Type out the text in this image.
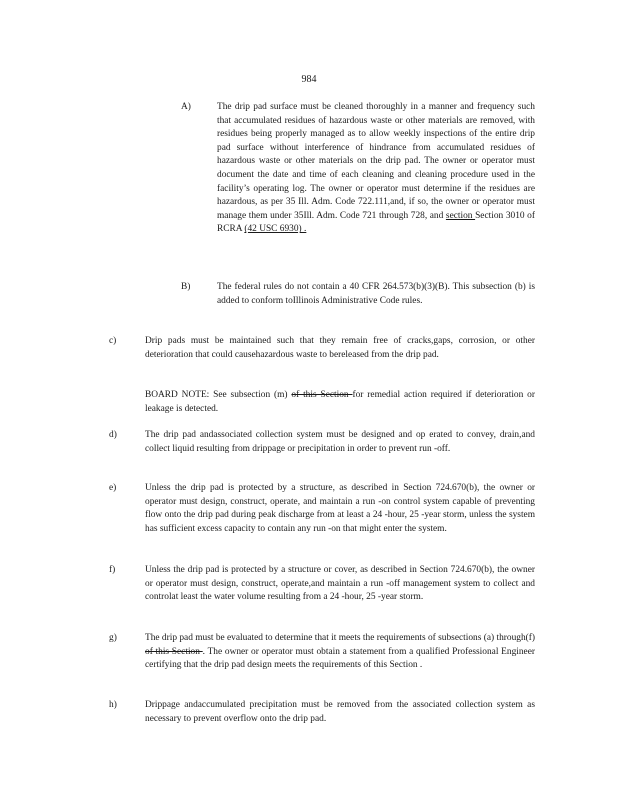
984
A)	The drip pad surface must be cleaned thoroughly in a manner and frequency such that accumulated residues of hazardous waste or other materials are removed, with residues being properly managed as to allow weekly inspections of the entire drip pad surface without interference of hindrance from accumulated residues of hazardous waste or other materials on the drip pad. The owner or operator must document the date and time of each cleaning and cleaning procedure used in the facility’s operating log. The owner or operator must determine if the residues are hazardous, as per 35 Ill. Adm. Code 722.111,and, if so, the owner or operator must manage them under 35Ill. Adm. Code 721 through 728, and section Section 3010 of RCRA (42 USC 6930) .
B)	The federal rules do not contain a 40 CFR 264.573(b)(3)(B). This subsection (b) is added to conform toIllinois Administrative Code rules.
c)	Drip pads must be maintained such that they remain free of cracks,gaps, corrosion, or other deterioration that could causehazardous waste to bereleased from the drip pad.
BOARD NOTE: See subsection (m) of this Section for remedial action required if deterioration or leakage is detected.
d)	The drip pad andassociated collection system must be designed and op erated to convey, drain,and collect liquid resulting from drippage or precipitation in order to prevent run -off.
e)	Unless the drip pad is protected by a structure, as described in Section 724.670(b), the owner or operator must design, construct, operate, and maintain a run -on control system capable of preventing flow onto the drip pad during peak discharge from at least a 24 -hour, 25 -year storm, unless the system has sufficient excess capacity to contain any run -on that might enter the system.
f)	Unless the drip pad is protected by a structure or cover, as described in Section 724.670(b), the owner or operator must design, construct, operate,and maintain a run -off management system to collect and controlat least the water volume resulting from a 24 -hour, 25 -year storm.
g)	The drip pad must be evaluated to determine that it meets the requirements of subsections (a) through(f) of this Section . The owner or operator must obtain a statement from a qualified Professional Engineer certifying that the drip pad design meets the requirements of this Section .
h)	Drippage andaccumulated precipitation must be removed from the associated collection system as necessary to prevent overflow onto the drip pad.
